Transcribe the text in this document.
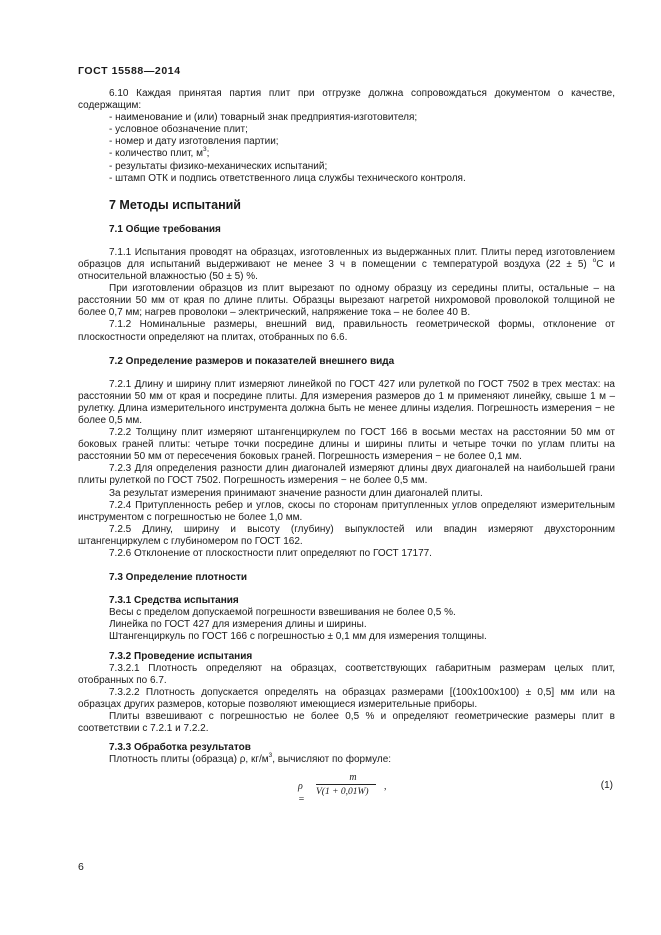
ГОСТ 15588—2014
6.10 Каждая принятая партия плит при отгрузке должна сопровождаться документом о качестве, содержащим:
- наименование и (или) товарный знак предприятия-изготовителя;
- условное обозначение плит;
- номер и дату изготовления партии;
- количество плит, $м^3$;
- результаты физико-механических испытаний;
- штамп ОТК и подпись ответственного лица службы технического контроля.
7 Методы испытаний
7.1 Общие требования
7.1.1 Испытания проводят на образцах, изготовленных из выдержанных плит. Плиты перед изготовлением образцов для испытаний выдерживают не менее 3 ч в помещении с температурой воздуха (22 ± 5) $^о$С и относительной влажностью (50 ± 5) %.
При изготовлении образцов из плит вырезают по одному образцу из середины плиты, остальные – на расстоянии 50 мм от края по длине плиты. Образцы вырезают нагретой нихромовой проволокой толщиной не более 0,7 мм; нагрев проволоки – электрический, напряжение тока – не более 40 В.
7.1.2 Номинальные размеры, внешний вид, правильность геометрической формы, отклонение от плоскостности определяют на плитах, отобранных по 6.6.
7.2 Определение размеров и показателей внешнего вида
7.2.1 Длину и ширину плит измеряют линейкой по ГОСТ 427 или рулеткой по ГОСТ 7502 в трех местах: на расстоянии 50 мм от края и посредине плиты. Для измерения размеров до 1 м применяют линейку, свыше 1 м – рулетку. Длина измерительного инструмента должна быть не менее длины изделия. Погрешность измерения − не более 0,5 мм.
7.2.2 Толщину плит измеряют штангенциркулем по ГОСТ 166 в восьми местах на расстоянии 50 мм от боковых граней плиты: четыре точки посредине длины и ширины плиты и четыре точки по углам плиты на расстоянии 50 мм от пересечения боковых граней. Погрешность измерения − не более 0,1 мм.
7.2.3 Для определения разности длин диагоналей измеряют длины двух диагоналей на наибольшей грани плиты рулеткой по ГОСТ 7502. Погрешность измерения − не более 0,5 мм.
За результат измерения принимают значение разности длин диагоналей плиты.
7.2.4 Притупленность ребер и углов, скосы по сторонам притупленных углов определяют измерительным инструментом с погрешностью не более 1,0 мм.
7.2.5 Длину, ширину и высоту (глубину) выпуклостей или впадин измеряют двухсторонним штангенциркулем с глубиномером по ГОСТ 162.
7.2.6 Отклонение от плоскостности плит определяют по ГОСТ 17177.
7.3 Определение плотности
7.3.1 Средства испытания
Весы с пределом допускаемой погрешности взвешивания не более 0,5 %.
Линейка по ГОСТ 427 для измерения длины и ширины.
Штангенциркуль по ГОСТ 166 с погрешностью ± 0,1 мм для измерения толщины.
7.3.2 Проведение испытания
7.3.2.1 Плотность определяют на образцах, соответствующих габаритным размерам целых плит, отобранных по 6.7.
7.3.2.2 Плотность допускается определять на образцах размерами [(100х100х100) ± 0,5] мм или на образцах других размеров, которые позволяют имеющиеся измерительные приборы.
Плиты взвешивают с погрешностью не более 0,5 % и определяют геометрические размеры плит в соответствии с 7.2.1 и 7.2.2.
7.3.3 Обработка результатов
Плотность плиты (образца) ρ, $кг/м^3$, вычисляют по формуле:
ρ =
m
V(1 + 0,01W)	,	(1)
6
